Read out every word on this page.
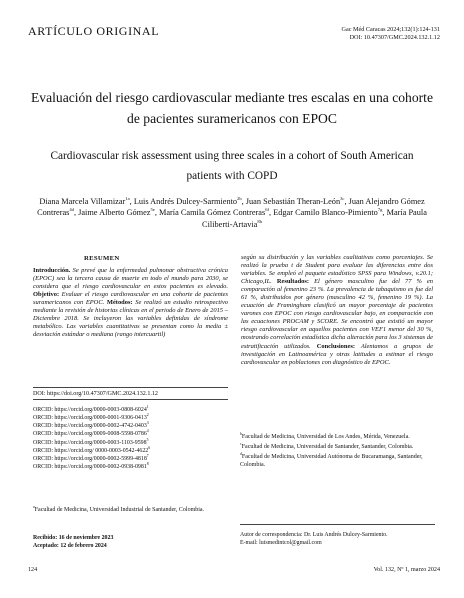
ARTÍCULO ORIGINAL	Gac Méd Caracas 2024;132(1):124-131
DOI: 10.47307/GMC.2024.132.1.12
Evaluación del riesgo cardiovascular mediante tres escalas en una cohorte de pacientes suramericanos con EPOC
Cardiovascular risk assessment using three scales in a cohort of South American patients with COPD
Diana Marcela Villamizar$^{1a}$, Luis Andrés Dulcey-Sarmiento$^{2b}$, Juan Sebastián Theran-León$^{3c}$, Juan Alejandro Gómez Contreras$^{4d}$, Jaime Alberto Gómez$^{5e}$, María Camila Gómez Contreras$^{6f}$, Edgar Camilo Blanco-Pimiento$^{7g}$, María Paula Ciliberti-Artavia$^{8h}$
RESUMEN
Introducción. Se prevé que la enfermedad pulmonar obstructiva crónica (EPOC) sea la tercera causa de muerte en todo el mundo para 2030, se considera que el riesgo cardiovascular en estos pacientes es elevado. Objetivo: Evaluar el riesgo cardiovascular en una cohorte de pacientes suramericanos con EPOC. Métodos: Se realizó un estudio retrospectivo mediante la revisión de historias clínicas en el periodo de Enero de 2015 – Diciembre 2018. Se incluyeron las variables definidas de síndrome metabólico. Las variables cuantitativas se presentan como la media ± desviación estándar o mediana (rango intercuartil)
según su distribución y las variables cualitativas como porcentajes. Se realizó la prueba t de Student para evaluar las diferencias entre dos variables. Se empleó el paquete estadístico SPSS para Windows, v.20.1; Chicago,IL. Resultados: El género masculino fue del 77 % en comparación al femenino 23 %. La prevalencia de tabaquismo es fue del 61 %, distribuidos por género (masculino 42 %, femenino 19 %). La ecuación de Framingham clasificó un mayor porcentaje de pacientes varones con EPOC con riesgo cardiovascular bajo, en comparación con las ecuaciones PROCAM y SCORE. Se encontró que existió un mayor riesgo cardiovascular en aquellos pacientes con VEF1 menor del 30 %, mostrando correlación estadística dicha alteración para los 3 sistemas de estratificación utilizados. Conclusiones: Alentamos a grupos de investigación en Latinoamérica y otras latitudes a estimar el riesgo cardiovascular en poblaciones con diagnóstico de EPOC.
DOI: https://doi.org/10.47307/GMC.2024.132.1.12
ORCID: https://orcid.org/0000-0003-0808-6024$^1$
ORCID: https://orcid.org/0000-0001-9306-0413$^2$
ORCID: https://orcid.org/0000-0002-4742-0403$^3$
ORCID: https://orcid.org/0009-0008-5598-0786$^4$
ORCID: https://orcid.org/0000-0003-1103-9598$^5$
ORCID: https://orcid.org/ 0000-0003-0542-4622$^6$
ORCID: https://orcid.org/0000-0002-5999-4818$^7$
ORCID: https://orcid.org/0000-0002-0938-0981$^8$
$^a$Facultad de Medicina, Universidad Industrial de Santander, Colombia.
Recibido: 16 de noviembre 2023
Aceptado: 12 de febrero 2024

$^b$Facultad de Medicina, Universidad de Los Andes, Mérida, Venezuela.

$^c$Facultad de Medicina, Universidad de Santander, Santander, Colombia.

$^d$Facultad de Medicina, Universidad Autónoma de Bucaramanga, Santander, Colombia.

Autor de correspondencia: Dr. Luis Andrés Dulcey-Sarmiento.
E-mail: luismedintcol@gmail.com
124	Vol. 132, Nº 1, marzo 2024
